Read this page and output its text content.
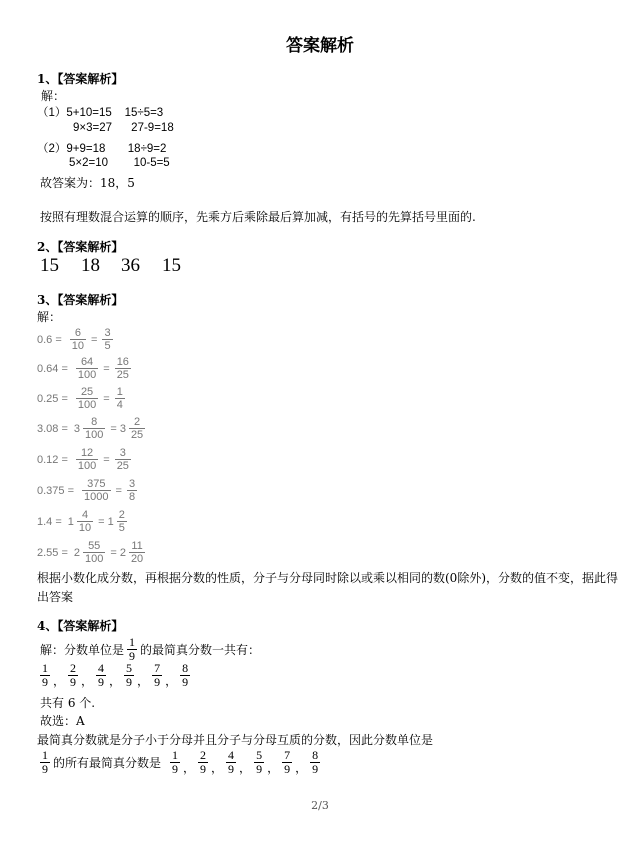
答案解析
1、【答案解析】
解：
（1）5+10=15    15÷5=3
9×3=27      27-9=18
（2）9+9=18       18÷9=2
5×2=10        10-5=5
故答案为：18，5
按照有理数混合运算的顺序，先乘方后乘除最后算加减，有括号的先算括号里面的.
2、【答案解析】
15 18 36 15
3、【答案解析】
解：
$0.6 = \frac{6}{10} = \frac{3}{5}$
$0.64 = \frac{64}{100} = \frac{16}{25}$
$0.25 = \frac{25}{100} = \frac{1}{4}$
$3.08 = 3 \frac{8}{100} = 3 \frac{2}{25}$
$0.12 = \frac{12}{100} = \frac{3}{25}$
$0.375 = \frac{375}{1000} = \frac{3}{8}$
$1.4 = 1 \frac{4}{10} = 1 \frac{2}{5}$
$2.55 = 2 \frac{55}{100} = 2 \frac{11}{20}$
根据小数化成分数，再根据分数的性质，分子与分母同时除以或乘以相同的数(0除外)，分数的值不变，据此得
出答案
4、【答案解析】
解：分数单位是 $\frac{1}{9}$ 的最简真分数一共有：
$\frac{1}{9}$ ， $\frac{2}{9}$ ， $\frac{4}{9}$ ， $\frac{5}{9}$ ， $\frac{7}{9}$ ， $\frac{8}{9}$
共有 6 个.
故选：A
最简真分数就是分子小于分母并且分子与分母互质的分数，因此分数单位是
$\frac{1}{9}$ 的所有最简真分数是 $\frac{1}{9}$ ， $\frac{2}{9}$ ， $\frac{4}{9}$ ， $\frac{5}{9}$ ， $\frac{7}{9}$ ， $\frac{8}{9}$
2/3
